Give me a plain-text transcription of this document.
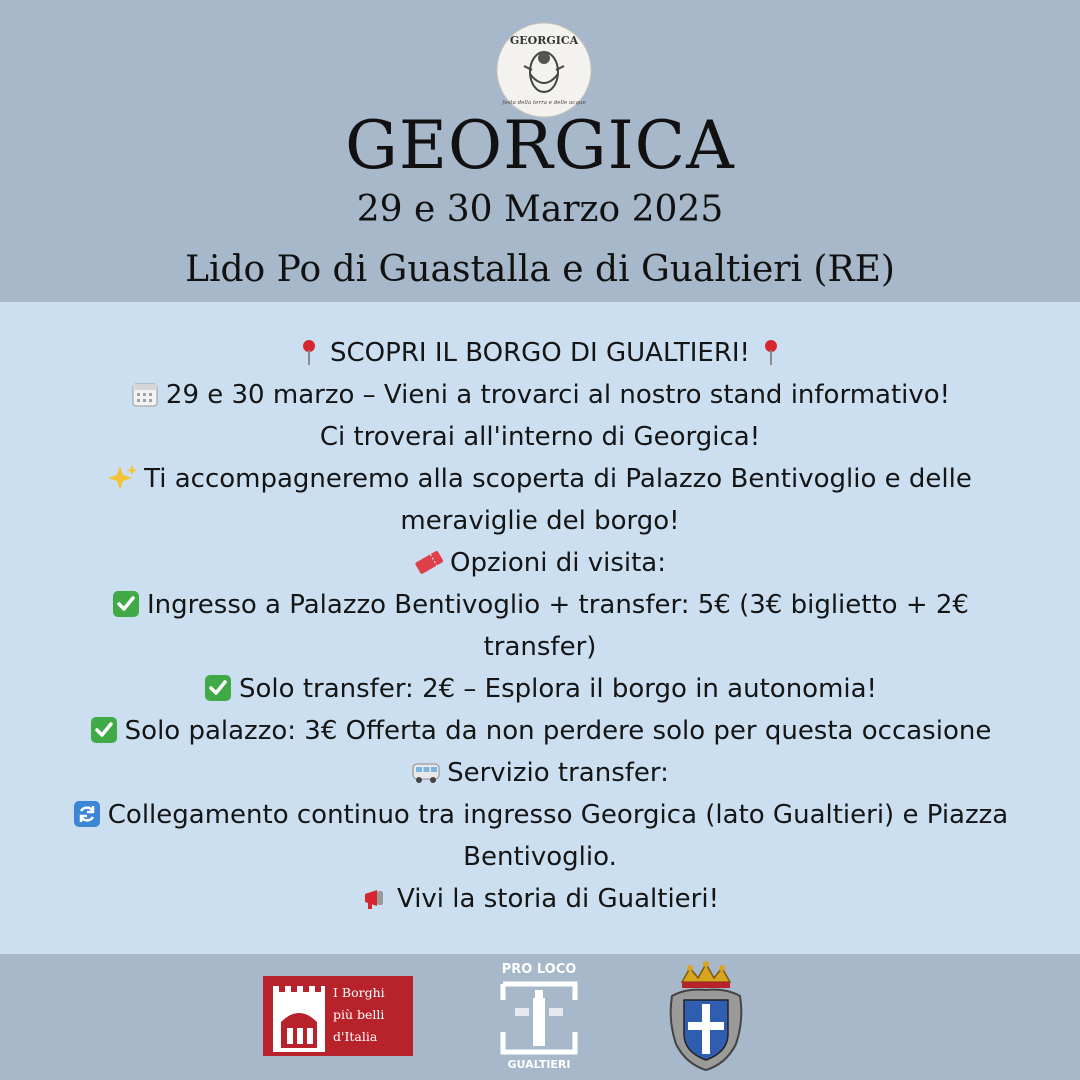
GEORGICA
festa della terra e delle acque
GEORGICA
29 e 30 Marzo 2025
Lido Po di Guastalla e di Gualtieri (RE)
SCOPRI IL BORGO DI GUALTIERI!
29 e 30 marzo – Vieni a trovarci al nostro stand informativo!
Ci troverai all'interno di Georgica!
Ti accompagneremo alla scoperta di Palazzo Bentivoglio e delle
meraviglie del borgo!
Opzioni di visita:
Ingresso a Palazzo Bentivoglio + transfer: 5€ (3€ biglietto + 2€
transfer)
Solo transfer: 2€ – Esplora il borgo in autonomia!
Solo palazzo: 3€ Offerta da non perdere solo per questa occasione
Servizio transfer:
Collegamento continuo tra ingresso Georgica (lato Gualtieri) e Piazza
Bentivoglio.
Vivi la storia di Gualtieri!
I Borghi
più belli
d'Italia
PRO LOCO
GUALTIERI
